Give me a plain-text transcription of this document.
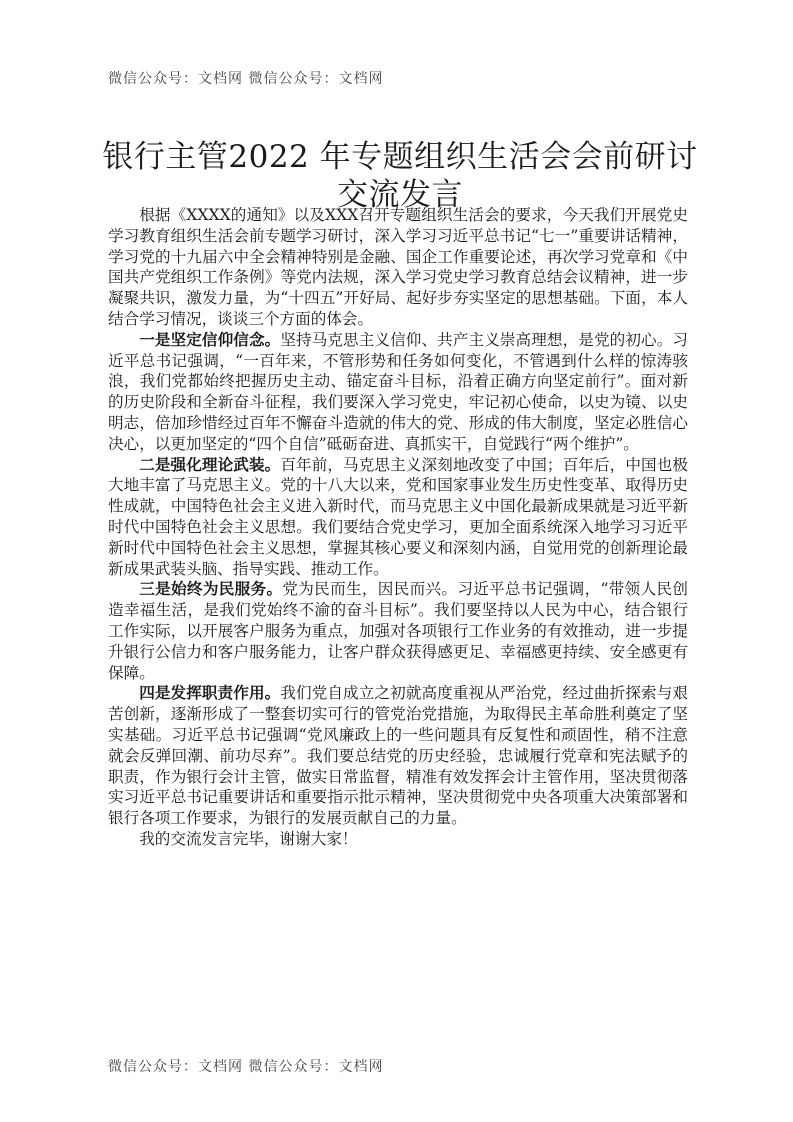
微信公众号：文档网 微信公众号：文档网
银行主管2022 年专题组织生活会会前研讨交流发言

根据《XXXX的通知》以及XXX召开专题组织生活会的要求，今天我们开展党史学习教育组织生活会前专题学习研讨，深入学习习近平总书记“七一”重要讲话精神，学习党的十九届六中全会精神特别是金融、国企工作重要论述，再次学习党章和《中国共产党组织工作条例》等党内法规，深入学习党史学习教育总结会议精神，进一步凝聚共识，激发力量，为“十四五”开好局、起好步夯实坚定的思想基础。下面，本人结合学习情况，谈谈三个方面的体会。

一是坚定信仰信念。坚持马克思主义信仰、共产主义崇高理想，是党的初心。习近平总书记强调，“一百年来，不管形势和任务如何变化，不管遇到什么样的惊涛骇浪，我们党都始终把握历史主动、锚定奋斗目标，沿着正确方向坚定前行”。面对新的历史阶段和全新奋斗征程，我们要深入学习党史，牢记初心使命，以史为镜、以史明志，倍加珍惜经过百年不懈奋斗造就的伟大的党、形成的伟大制度，坚定必胜信心决心，以更加坚定的“四个自信”砥砺奋进、真抓实干，自觉践行“两个维护”。

二是强化理论武装。百年前，马克思主义深刻地改变了中国；百年后，中国也极大地丰富了马克思主义。党的十八大以来，党和国家事业发生历史性变革、取得历史性成就，中国特色社会主义进入新时代，而马克思主义中国化最新成果就是习近平新时代中国特色社会主义思想。我们要结合党史学习，更加全面系统深入地学习习近平新时代中国特色社会主义思想，掌握其核心要义和深刻内涵，自觉用党的创新理论最新成果武装头脑、指导实践、推动工作。

三是始终为民服务。党为民而生，因民而兴。习近平总书记强调，“带领人民创造幸福生活，是我们党始终不渝的奋斗目标”。我们要坚持以人民为中心，结合银行工作实际，以开展客户服务为重点，加强对各项银行工作业务的有效推动，进一步提升银行公信力和客户服务能力，让客户群众获得感更足、幸福感更持续、安全感更有保障。

四是发挥职责作用。我们党自成立之初就高度重视从严治党，经过曲折探索与艰苦创新，逐渐形成了一整套切实可行的管党治党措施，为取得民主革命胜利奠定了坚实基础。习近平总书记强调“党风廉政上的一些问题具有反复性和顽固性，稍不注意就会反弹回潮、前功尽弃”。我们要总结党的历史经验，忠诚履行党章和宪法赋予的职责，作为银行会计主管，做实日常监督，精准有效发挥会计主管作用，坚决贯彻落实习近平总书记重要讲话和重要指示批示精神，坚决贯彻党中央各项重大决策部署和银行各项工作要求，为银行的发展贡献自己的力量。

我的交流发言完毕，谢谢大家！

微信公众号：文档网 微信公众号：文档网
